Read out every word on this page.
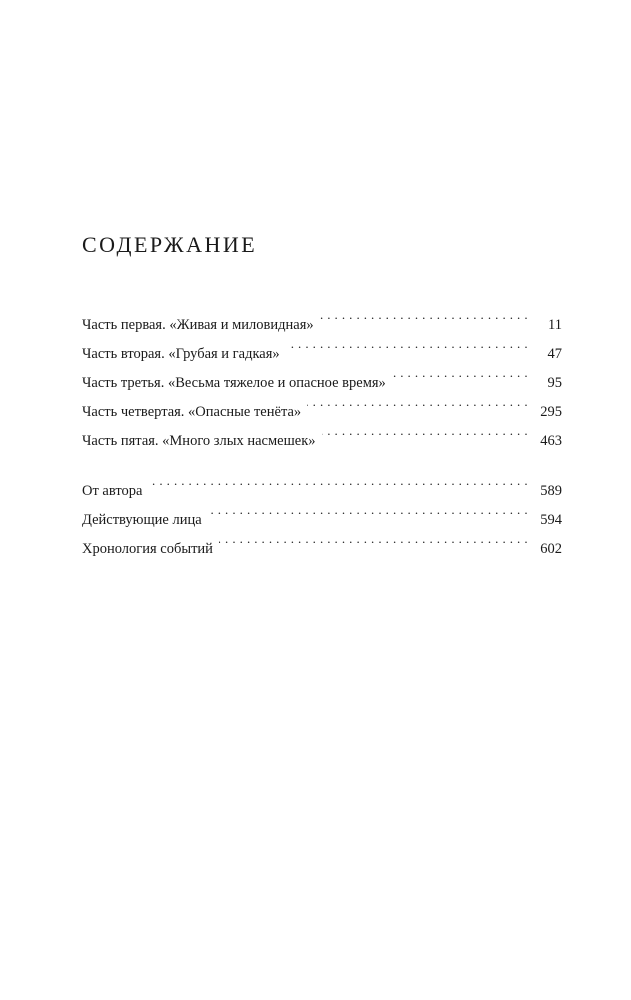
содержание
Часть первая. «Живая и миловидная» . . .	11
Часть вторая. «Грубая и гадкая» . . .	47
Часть третья. «Весьма тяжелое и опасное время» . . .	95
Часть четвертая. «Опасные тенёта» . . .	295
Часть пятая. «Много злых насмешек» . . .	463
От автора . . .	589
Действующие лица . . .	594
Хронология событий . . .	602
